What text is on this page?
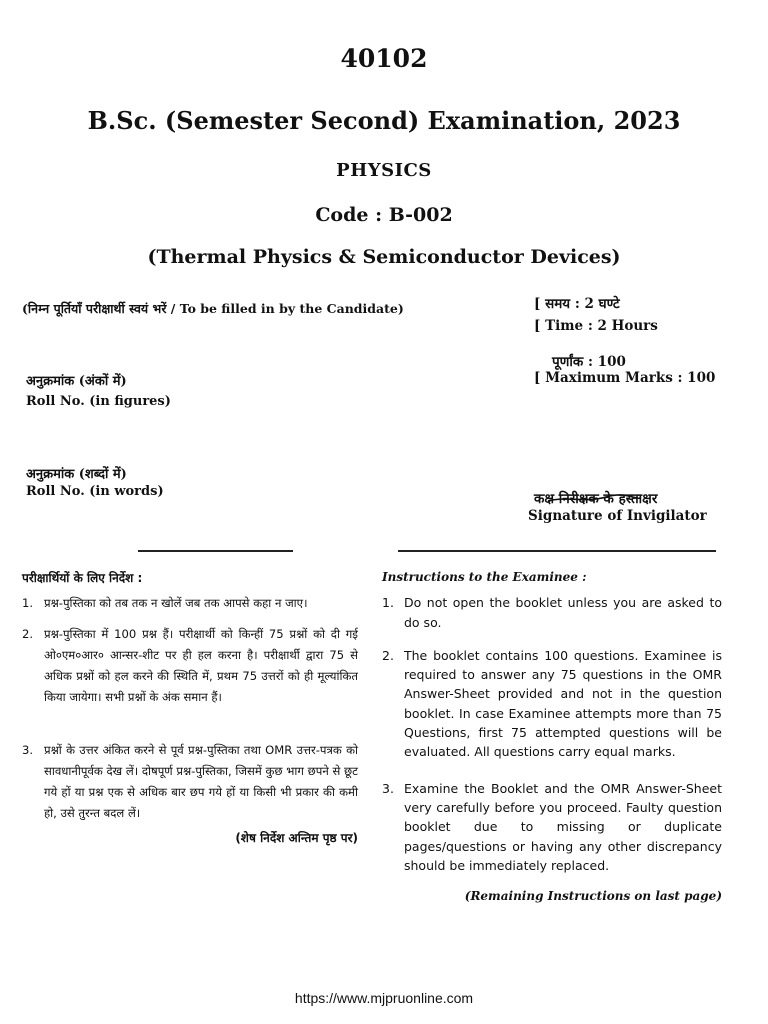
40102
B.Sc. (Semester Second) Examination, 2023
PHYSICS
Code : B-002
(Thermal Physics & Semiconductor Devices)
(निम्न पूर्तियाँ परीक्षार्थी स्वयं भरें / To be filled in by the Candidate)	[ समय : 2 घण्टे
[ Time : 2 Hours
पूर्णांक : 100
[ Maximum Marks : 100
अनुक्रमांक (अंकों में)
Roll No. (in figures)
अनुक्रमांक (शब्दों में)
Roll No. (in words)	कक्ष निरीक्षक के हस्ताक्षर
Signature of Invigilator
परीक्षार्थियों के लिए निर्देश :
1. प्रश्न-पुस्तिका को तब तक न खोलें जब तक आपसे कहा न जाए।
2. प्रश्न-पुस्तिका में 100 प्रश्न हैं। परीक्षार्थी को किन्हीं 75 प्रश्नों को दी गई ओ०एम०आर० आन्सर-शीट पर ही हल करना है। परीक्षार्थी द्वारा 75 से अधिक प्रश्नों को हल करने की स्थिति में, प्रथम 75 उत्तरों को ही मूल्यांकित किया जायेगा। सभी प्रश्नों के अंक समान हैं।
3. प्रश्नों के उत्तर अंकित करने से पूर्व प्रश्न-पुस्तिका तथा OMR उत्तर-पत्रक को सावधानीपूर्वक देख लें। दोषपूर्ण प्रश्न-पुस्तिका, जिसमें कुछ भाग छपने से छूट गये हों या प्रश्न एक से अधिक बार छप गये हों या किसी भी प्रकार की कमी हो, उसे तुरन्त बदल लें।
(शेष निर्देश अन्तिम पृष्ठ पर)
Instructions to the Examinee :
1. Do not open the booklet unless you are asked to do so.
2. The booklet contains 100 questions. Examinee is required to answer any 75 questions in the OMR Answer-Sheet provided and not in the question booklet. In case Examinee attempts more than 75 Questions, first 75 attempted questions will be evaluated. All questions carry equal marks.
3. Examine the Booklet and the OMR Answer-Sheet very carefully before you proceed. Faulty question booklet due to missing or duplicate pages/questions or having any other discrepancy should be immediately replaced.
(Remaining Instructions on last page)
https://www.mjpruonline.com
